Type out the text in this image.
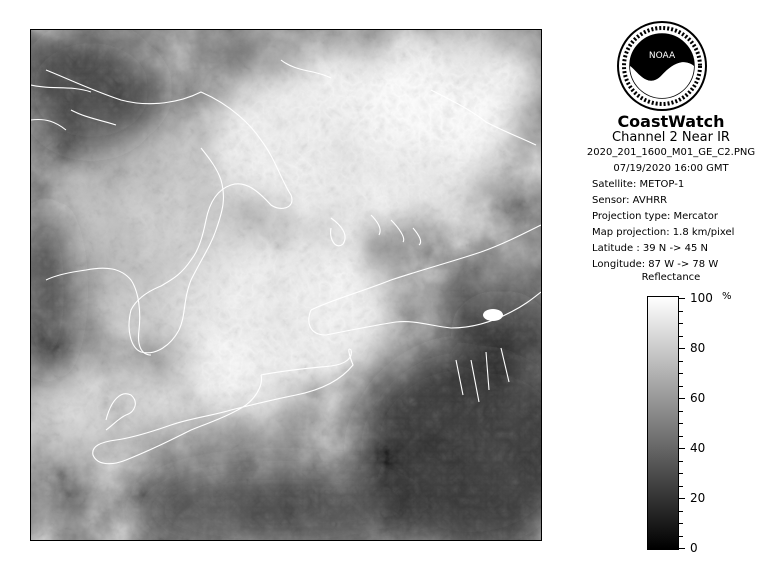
NOAA
CoastWatch
Channel 2 Near IR
2020_201_1600_M01_GE_C2.PNG
07/19/2020 16:00 GMT
Satellite: METOP-1
Sensor: AVHRR
Projection type: Mercator
Map projection: 1.8 km/pixel
Latitude : 39 N -> 45 N
Longitude: 87 W -> 78 W
Reflectance
%
100
80
60
40
20
0
